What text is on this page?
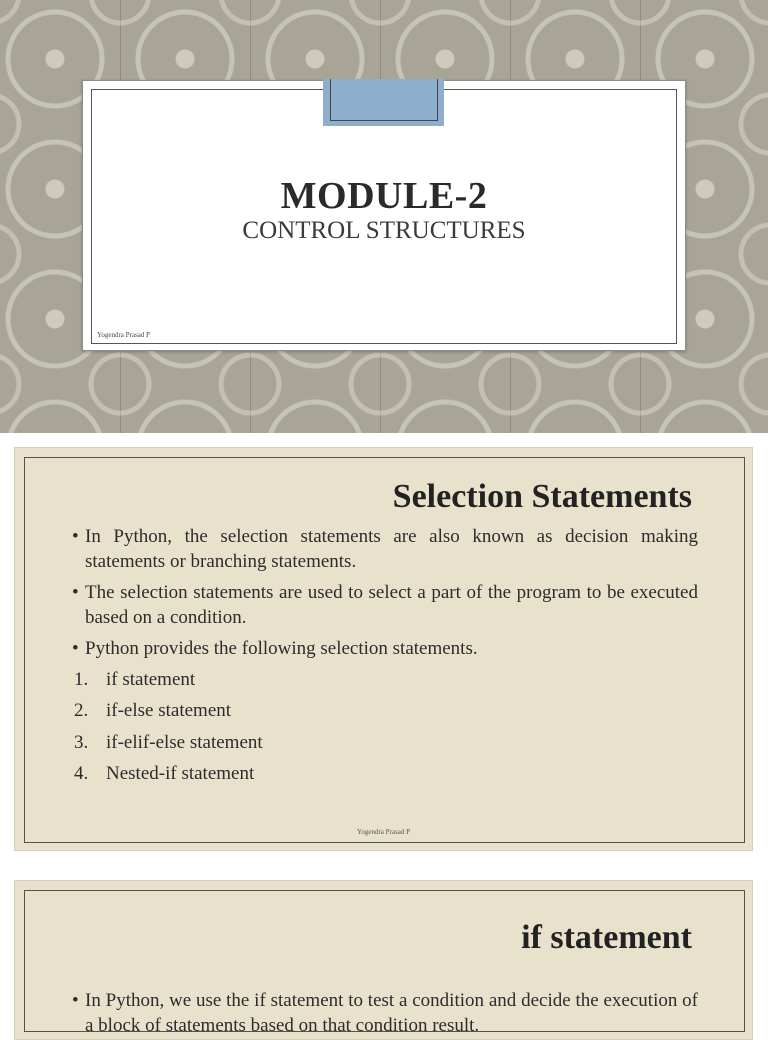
MODULE-2
CONTROL STRUCTURES
Yogendra Prasad P
Selection Statements
• In Python, the selection statements are also known as decision making statements or branching statements.
• The selection statements are used to select a part of the program to be executed based on a condition.
• Python provides the following selection statements.
1. if statement
2. if-else statement
3. if-elif-else statement
4. Nested-if statement
Yogendra Prasad P
if statement
• In Python, we use the if statement to test a condition and decide the execution of a block of statements based on that condition result.
